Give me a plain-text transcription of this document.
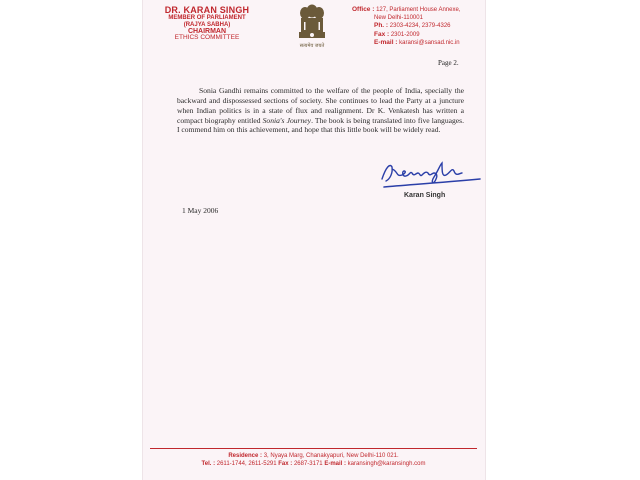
DR. KARAN SINGH
MEMBER OF PARLIAMENT
(RAJYA SABHA)
CHAIRMAN
ETHICS COMMITTEE
सत्यमेव जयते
Office : 127, Parliament House Annexe,
New Delhi-110001
Ph. : 2303-4234, 2379-4326
Fax : 2301-2009
E-mail : karansi@sansad.nic.in
Page 2.

Sonia Gandhi remains committed to the welfare of the people of India, specially the backward and dispossessed sections of society. She continues to lead the Party at a juncture when Indian politics is in a state of flux and realignment. Dr K. Venkatesh has written a compact biography entitled Sonia's Journey. The book is being translated into five languages. I commend him on this achievement, and hope that this little book will be widely read.

Karan Singh
1 May 2006
Residence : 3, Nyaya Marg, Chanakyapuri, New Delhi-110 021.
Tel. : 2611-1744, 2611-5291 Fax : 2687-3171 E-mail : karansingh@karansingh.com
